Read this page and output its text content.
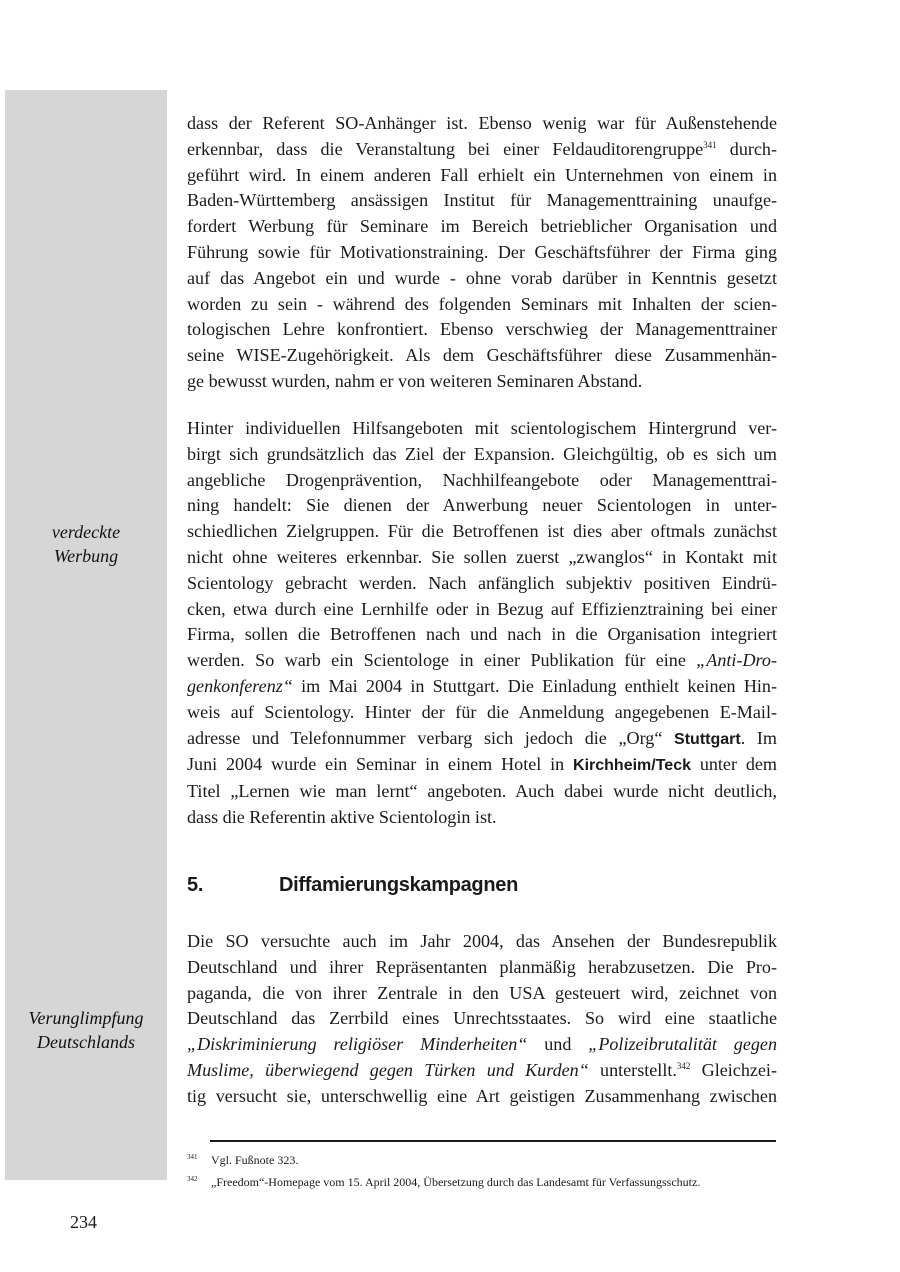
verdeckte
Werbung
Verunglimpfung
Deutschlands
dass der Referent SO-Anhänger ist. Ebenso wenig war für Außenstehende
erkennbar, dass die Veranstaltung bei einer Feldauditorengruppe$^{341}$ durch-
geführt wird. In einem anderen Fall erhielt ein Unternehmen von einem in
Baden-Württemberg ansässigen Institut für Managementtraining unaufge-
fordert Werbung für Seminare im Bereich betrieblicher Organisation und
Führung sowie für Motivationstraining. Der Geschäftsführer der Firma ging
auf das Angebot ein und wurde - ohne vorab darüber in Kenntnis gesetzt
worden zu sein - während des folgenden Seminars mit Inhalten der scien-
tologischen Lehre konfrontiert. Ebenso verschwieg der Managementtrainer
seine WISE-Zugehörigkeit. Als dem Geschäftsführer diese Zusammenhän-
ge bewusst wurden, nahm er von weiteren Seminaren Abstand.
Hinter individuellen Hilfsangeboten mit scientologischem Hintergrund ver-
birgt sich grundsätzlich das Ziel der Expansion. Gleichgültig, ob es sich um
angebliche Drogenprävention, Nachhilfeangebote oder Managementtrai-
ning handelt: Sie dienen der Anwerbung neuer Scientologen in unter-
schiedlichen Zielgruppen. Für die Betroffenen ist dies aber oftmals zunächst
nicht ohne weiteres erkennbar. Sie sollen zuerst „zwanglos“ in Kontakt mit
Scientology gebracht werden. Nach anfänglich subjektiv positiven Eindrü-
cken, etwa durch eine Lernhilfe oder in Bezug auf Effizienztraining bei einer
Firma, sollen die Betroffenen nach und nach in die Organisation integriert
werden. So warb ein Scientologe in einer Publikation für eine „Anti-Dro-
genkonferenz“ im Mai 2004 in Stuttgart. Die Einladung enthielt keinen Hin-
weis auf Scientology. Hinter der für die Anmeldung angegebenen E-Mail-
adresse und Telefonnummer verbarg sich jedoch die „Org“ Stuttgart. Im
Juni 2004 wurde ein Seminar in einem Hotel in Kirchheim/Teck unter dem
Titel „Lernen wie man lernt“ angeboten. Auch dabei wurde nicht deutlich,
dass die Referentin aktive Scientologin ist.
5.	Diffamierungskampagnen
Die SO versuchte auch im Jahr 2004, das Ansehen der Bundesrepublik
Deutschland und ihrer Repräsentanten planmäßig herabzusetzen. Die Pro-
paganda, die von ihrer Zentrale in den USA gesteuert wird, zeichnet von
Deutschland das Zerrbild eines Unrechtsstaates. So wird eine staatliche
„Diskriminierung religiöser Minderheiten“ und „Polizeibrutalität gegen
Muslime, überwiegend gegen Türken und Kurden“ unterstellt.$^{342}$ Gleichzei-
tig versucht sie, unterschwellig eine Art geistigen Zusammenhang zwischen
341 Vgl. Fußnote 323.
342 „Freedom“-Homepage vom 15. April 2004, Übersetzung durch das Landesamt für Verfassungsschutz.
234
